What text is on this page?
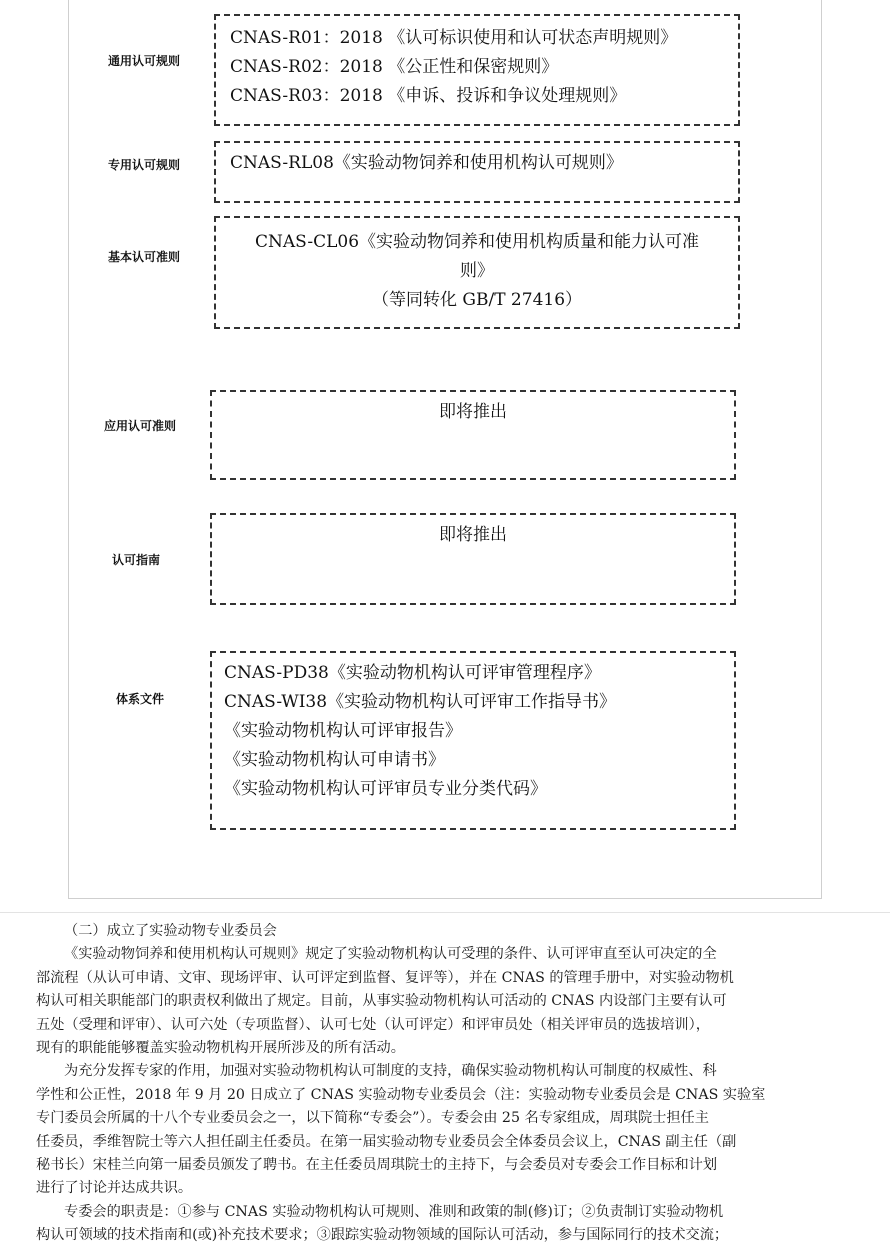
通用认可规则
CNAS-R01：2018 《认可标识使用和认可状态声明规则》
CNAS-R02：2018 《公正性和保密规则》
CNAS-R03：2018 《申诉、投诉和争议处理规则》
专用认可规则	CNAS-RL08《实验动物饲养和使用机构认可规则》
基本认可准则
CNAS-CL06《实验动物饲养和使用机构质量和能力认可准
则》
（等同转化 GB/T 27416）
应用认可准则
即将推出
认可指南
即将推出
体系文件
CNAS-PD38《实验动物机构认可评审管理程序》
CNAS-WI38《实验动物机构认可评审工作指导书》
《实验动物机构认可评审报告》
《实验动物机构认可申请书》
《实验动物机构认可评审员专业分类代码》
（二）成立了实验动物专业委员会
《实验动物饲养和使用机构认可规则》规定了实验动物机构认可受理的条件、认可评审直至认可决定的全
部流程（从认可申请、文审、现场评审、认可评定到监督、复评等），并在 CNAS 的管理手册中，对实验动物机
构认可相关职能部门的职责权利做出了规定。目前，从事实验动物机构认可活动的 CNAS 内设部门主要有认可
五处（受理和评审）、认可六处（专项监督）、认可七处（认可评定）和评审员处（相关评审员的选拔培训），
现有的职能能够覆盖实验动物机构开展所涉及的所有活动。
为充分发挥专家的作用，加强对实验动物机构认可制度的支持，确保实验动物机构认可制度的权威性、科
学性和公正性，2018 年 9 月 20 日成立了 CNAS 实验动物专业委员会（注：实验动物专业委员会是 CNAS 实验室
专门委员会所属的十八个专业委员会之一，以下简称“专委会”）。专委会由 25 名专家组成，周琪院士担任主
任委员，季维智院士等六人担任副主任委员。在第一届实验动物专业委员会全体委员会议上，CNAS 副主任（副
秘书长）宋桂兰向第一届委员颁发了聘书。在主任委员周琪院士的主持下，与会委员对专委会工作目标和计划
进行了讨论并达成共识。
专委会的职责是：①参与 CNAS 实验动物机构认可规则、准则和政策的制(修)订；②负责制订实验动物机
构认可领域的技术指南和(或)补充技术要求；③跟踪实验动物领域的国际认可活动，参与国际同行的技术交流；
